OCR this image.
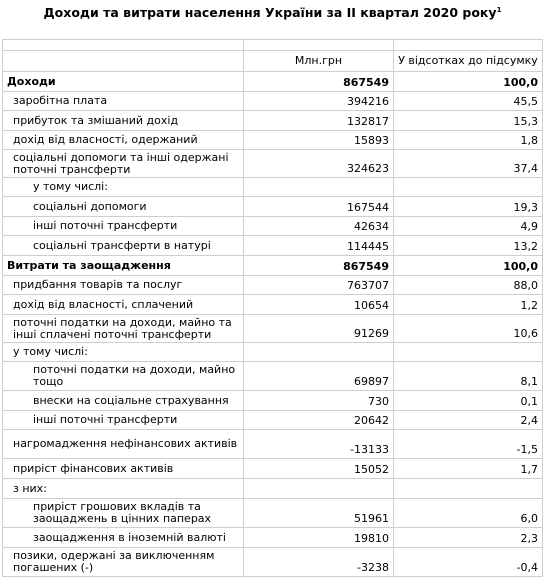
Доходи та витрати населення України за ІІ квартал 2020 року$^1$

	Млн.грн	У відсотках до підсумку
Доходи	867549	100,0
заробітна плата	394216	45,5
прибуток та змішаний дохід	132817	15,3
дохід від власності, одержаний	15893	1,8
соціальні допомоги та інші одержані поточні трансферти	324623	37,4
у тому числі:		
соціальні допомоги	167544	19,3
інші поточні трансферти	42634	4,9
соціальні трансферти в натурі	114445	13,2
Витрати та заощадження	867549	100,0
придбання товарів та послуг	763707	88,0
дохід від власності, сплачений	10654	1,2
поточні податки на доходи, майно та інші сплачені поточні трансферти	91269	10,6
у тому числі:		
поточні податки на доходи, майно тощо	69897	8,1
внески на соціальне страхування	730	0,1
інші поточні трансферти	20642	2,4
нагромадження нефінансових активів	-13133	-1,5
приріст фінансових активів	15052	1,7
з них:		
приріст грошових вкладів та заощаджень в цінних паперах	51961	6,0
заощадження в іноземній валюті	19810	2,3
позики, одержані за виключенням погашених (-)	-3238	-0,4
